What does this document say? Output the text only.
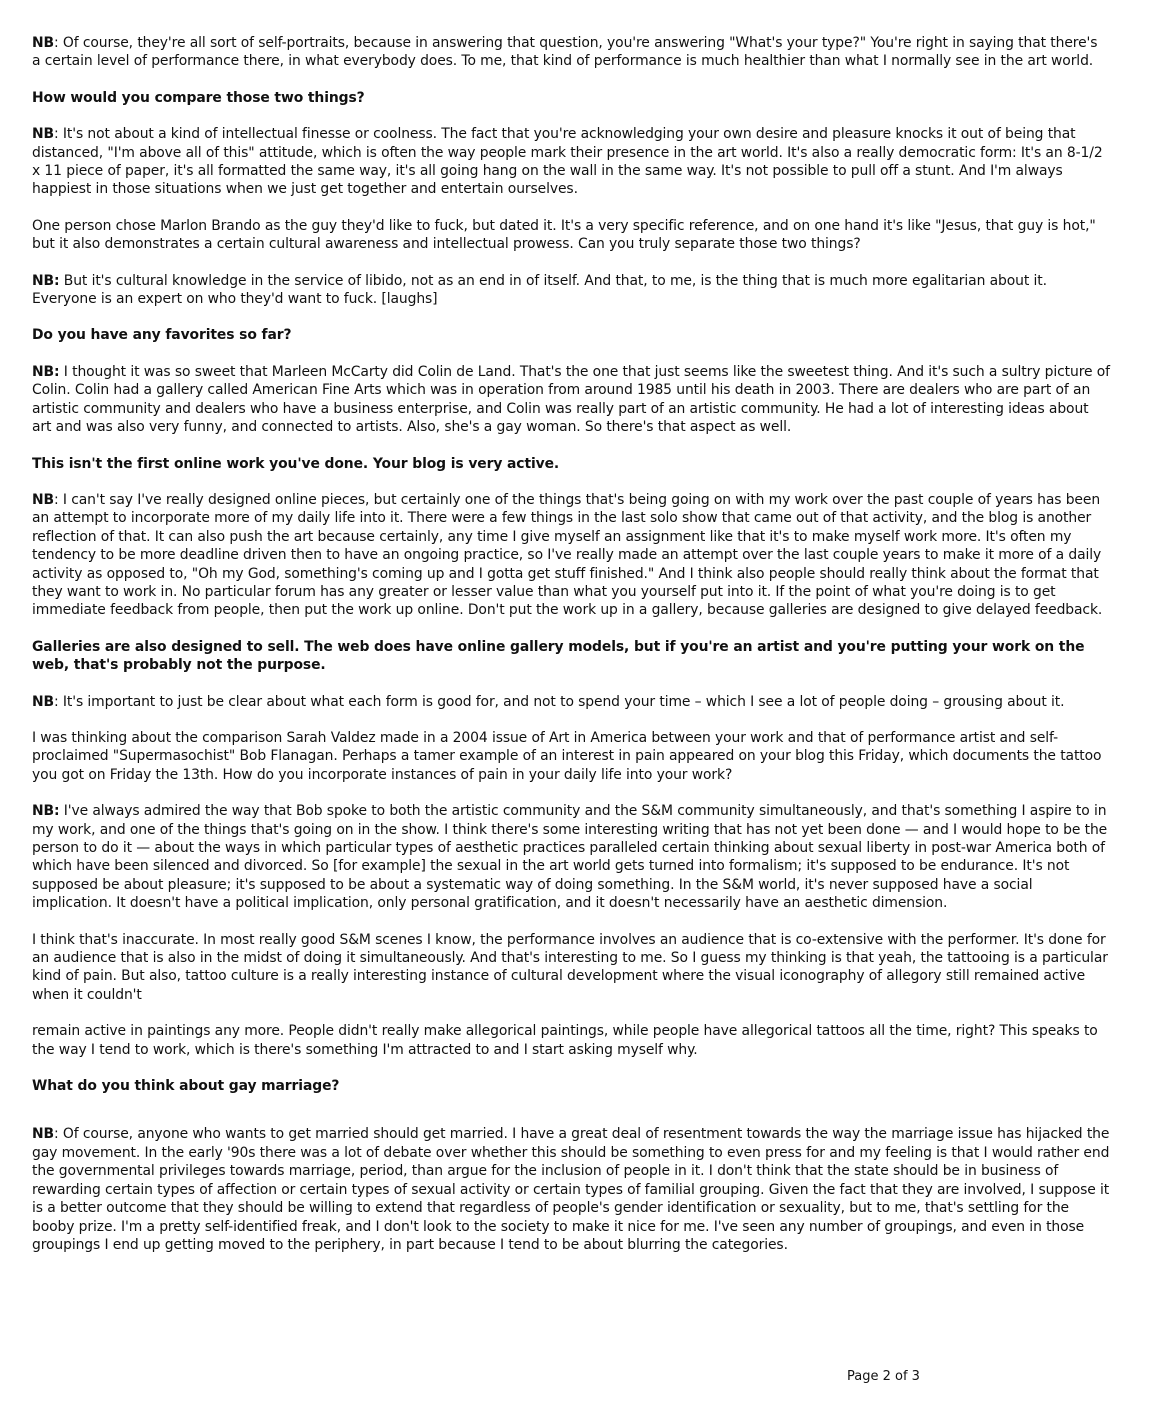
NB: Of course, they're all sort of self-portraits, because in answering that question, you're answering "What's your type?" You're right in saying that there's a certain level of performance there, in what everybody does. To me, that kind of performance is much healthier than what I normally see in the art world.

How would you compare those two things?

NB: It's not about a kind of intellectual finesse or coolness. The fact that you're acknowledging your own desire and pleasure knocks it out of being that distanced, "I'm above all of this" attitude, which is often the way people mark their presence in the art world. It's also a really democratic form: It's an 8-1/2 x 11 piece of paper, it's all formatted the same way, it's all going hang on the wall in the same way. It's not possible to pull off a stunt. And I'm always happiest in those situations when we just get together and entertain ourselves.

One person chose Marlon Brando as the guy they'd like to fuck, but dated it. It's a very specific reference, and on one hand it's like "Jesus, that guy is hot," but it also demonstrates a certain cultural awareness and intellectual prowess. Can you truly separate those two things?

NB: But it's cultural knowledge in the service of libido, not as an end in of itself. And that, to me, is the thing that is much more egalitarian about it. Everyone is an expert on who they'd want to fuck. [laughs]

Do you have any favorites so far?

NB: I thought it was so sweet that Marleen McCarty did Colin de Land. That's the one that just seems like the sweetest thing. And it's such a sultry picture of Colin. Colin had a gallery called American Fine Arts which was in operation from around 1985 until his death in 2003. There are dealers who are part of an artistic community and dealers who have a business enterprise, and Colin was really part of an artistic community. He had a lot of interesting ideas about art and was also very funny, and connected to artists. Also, she's a gay woman. So there's that aspect as well.

This isn't the first online work you've done. Your blog is very active.

NB: I can't say I've really designed online pieces, but certainly one of the things that's being going on with my work over the past couple of years has been an attempt to incorporate more of my daily life into it. There were a few things in the last solo show that came out of that activity, and the blog is another reflection of that. It can also push the art because certainly, any time I give myself an assignment like that it's to make myself work more. It's often my tendency to be more deadline driven then to have an ongoing practice, so I've really made an attempt over the last couple years to make it more of a daily activity as opposed to, "Oh my God, something's coming up and I gotta get stuff finished." And I think also people should really think about the format that they want to work in. No particular forum has any greater or lesser value than what you yourself put into it. If the point of what you're doing is to get immediate feedback from people, then put the work up online. Don't put the work up in a gallery, because galleries are designed to give delayed feedback.

Galleries are also designed to sell. The web does have online gallery models, but if you're an artist and you're putting your work on the web, that's probably not the purpose.

NB: It's important to just be clear about what each form is good for, and not to spend your time – which I see a lot of people doing – grousing about it.

I was thinking about the comparison Sarah Valdez made in a 2004 issue of Art in America between your work and that of performance artist and self-proclaimed "Supermasochist" Bob Flanagan. Perhaps a tamer example of an interest in pain appeared on your blog this Friday, which documents the tattoo you got on Friday the 13th. How do you incorporate instances of pain in your daily life into your work?

NB: I've always admired the way that Bob spoke to both the artistic community and the S&M community simultaneously, and that's something I aspire to in my work, and one of the things that's going on in the show. I think there's some interesting writing that has not yet been done — and I would hope to be the person to do it — about the ways in which particular types of aesthetic practices paralleled certain thinking about sexual liberty in post-war America both of which have been silenced and divorced. So [for example] the sexual in the art world gets turned into formalism; it's supposed to be endurance. It's not supposed be about pleasure; it's supposed to be about a systematic way of doing something. In the S&M world, it's never supposed have a social implication. It doesn't have a political implication, only personal gratification, and it doesn't necessarily have an aesthetic dimension.

I think that's inaccurate. In most really good S&M scenes I know, the performance involves an audience that is co-extensive with the performer. It's done for an audience that is also in the midst of doing it simultaneously. And that's interesting to me. So I guess my thinking is that yeah, the tattooing is a particular kind of pain. But also, tattoo culture is a really interesting instance of cultural development where the visual iconography of allegory still remained active when it couldn't

remain active in paintings any more. People didn't really make allegorical paintings, while people have allegorical tattoos all the time, right? This speaks to the way I tend to work, which is there's something I'm attracted to and I start asking myself why.

What do you think about gay marriage?

NB: Of course, anyone who wants to get married should get married. I have a great deal of resentment towards the way the marriage issue has hijacked the gay movement. In the early '90s there was a lot of debate over whether this should be something to even press for and my feeling is that I would rather end the governmental privileges towards marriage, period, than argue for the inclusion of people in it. I don't think that the state should be in business of rewarding certain types of affection or certain types of sexual activity or certain types of familial grouping. Given the fact that they are involved, I suppose it is a better outcome that they should be willing to extend that regardless of people's gender identification or sexuality, but to me, that's settling for the booby prize. I'm a pretty self-identified freak, and I don't look to the society to make it nice for me. I've seen any number of groupings, and even in those groupings I end up getting moved to the periphery, in part because I tend to be about blurring the categories.

Page 2 of 3
